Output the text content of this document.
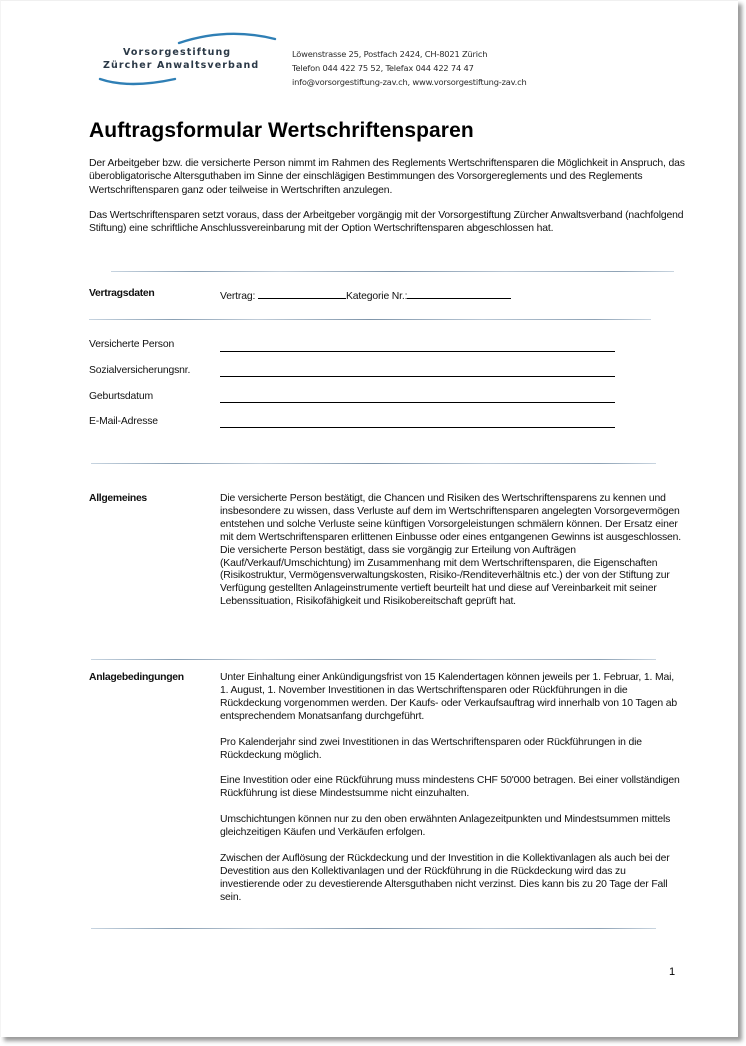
Vorsorgestiftung
Zürcher Anwaltsverband
Löwenstrasse 25, Postfach 2424, CH-8021 Zürich
Telefon 044 422 75 52, Telefax 044 422 74 47
info@vorsorgestiftung-zav.ch, www.vorsorgestiftung-zav.ch
Auftragsformular Wertschriftensparen
Der Arbeitgeber bzw. die versicherte Person nimmt im Rahmen des Reglements Wertschriftensparen die Möglichkeit in Anspruch, das überobligatorische Altersguthaben im Sinne der einschlägigen Bestimmungen des Vorsorgereglements und des Reglements Wertschriftensparen ganz oder teilweise in Wertschriften anzulegen.
Das Wertschriftensparen setzt voraus, dass der Arbeitgeber vorgängig mit der Vorsorgestiftung Zürcher Anwaltsverband (nachfolgend Stiftung) eine schriftliche Anschlussvereinbarung mit der Option Wertschriftensparen abgeschlossen hat.
Vertragsdaten	Vertrag:	Kategorie Nr.:
Versicherte Person
Sozialversicherungsnr.
Geburtsdatum
E-Mail-Adresse
Allgemeines	Die versicherte Person bestätigt, die Chancen und Risiken des Wertschriftensparens zu kennen und insbesondere zu wissen, dass Verluste auf dem im Wertschriftensparen angelegten Vorsorgevermögen entstehen und solche Verluste seine künftigen Vorsorgeleistungen schmälern können. Der Ersatz einer mit dem Wertschriftensparen erlittenen Einbusse oder eines entgangenen Gewinns ist ausgeschlossen.
Die versicherte Person bestätigt, dass sie vorgängig zur Erteilung von Aufträgen (Kauf/Verkauf/Umschichtung) im Zusammenhang mit dem Wertschriftensparen, die Eigenschaften (Risikostruktur, Vermögensverwaltungskosten, Risiko-/Renditeverhältnis etc.) der von der Stiftung zur Verfügung gestellten Anlageinstrumente vertieft beurteilt hat und diese auf Vereinbarkeit mit seiner Lebenssituation, Risikofähigkeit und Risikobereitschaft geprüft hat.
Anlagebedingungen	Unter Einhaltung einer Ankündigungsfrist von 15 Kalendertagen können jeweils per 1. Februar, 1. Mai, 1. August, 1. November Investitionen in das Wertschriftensparen oder Rückführungen in die Rückdeckung vorgenommen werden. Der Kaufs- oder Verkaufsauftrag wird innerhalb von 10 Tagen ab entsprechendem Monatsanfang durchgeführt.

Pro Kalenderjahr sind zwei Investitionen in das Wertschriftensparen oder Rückführungen in die Rückdeckung möglich.

Eine Investition oder eine Rückführung muss mindestens CHF 50'000 betragen. Bei einer vollständigen Rückführung ist diese Mindestsumme nicht einzuhalten.

Umschichtungen können nur zu den oben erwähnten Anlagezeitpunkten und Mindestsummen mittels gleichzeitigen Käufen und Verkäufen erfolgen.

Zwischen der Auflösung der Rückdeckung und der Investition in die Kollektivanlagen als auch bei der Devestition aus den Kollektivanlagen und der Rückführung in die Rückdeckung wird das zu investierende oder zu devestierende Altersguthaben nicht verzinst. Dies kann bis zu 20 Tage der Fall sein.

1
